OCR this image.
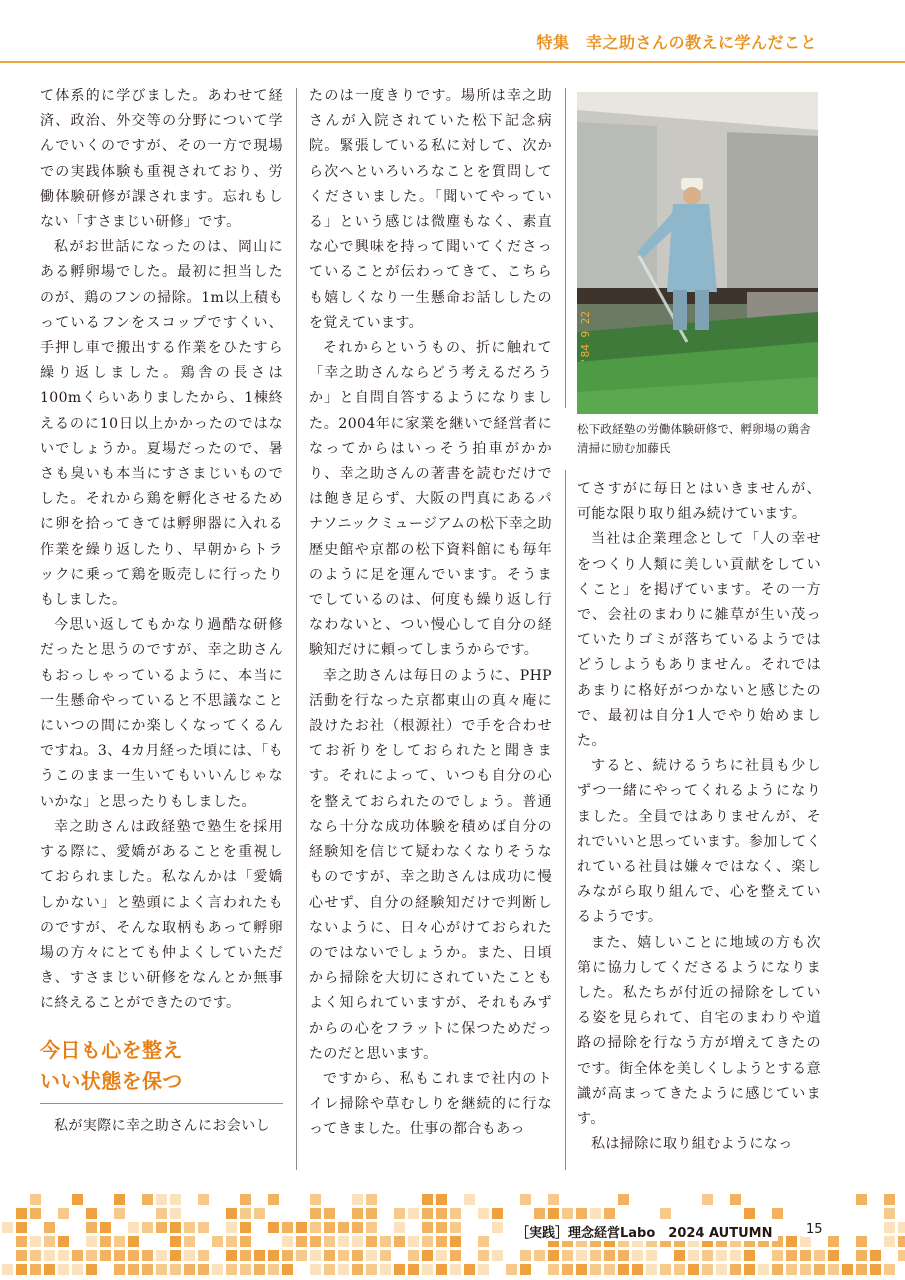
特集　幸之助さんの教えに学んだこと

て体系的に学びました。あわせて経済、政治、外交等の分野について学んでいくのですが、その一方で現場での実践体験も重視されており、労働体験研修が課されます。忘れもしない「すさまじい研修」です。

私がお世話になったのは、岡山にある孵卵場でした。最初に担当したのが、鶏のフンの掃除。1m以上積もっているフンをスコップですくい、手押し車で搬出する作業をひたすら繰り返しました。鶏舎の長さは100mくらいありましたから、1棟終えるのに10日以上かかったのではないでしょうか。夏場だったので、暑さも臭いも本当にすさまじいものでした。それから鶏を孵化させるために卵を拾ってきては孵卵器に入れる作業を繰り返したり、早朝からトラックに乗って鶏を販売しに行ったりもしました。

今思い返してもかなり過酷な研修だったと思うのですが、幸之助さんもおっしゃっているように、本当に一生懸命やっていると不思議なことにいつの間にか楽しくなってくるんですね。3、4カ月経った頃には、「もうこのまま一生いてもいいんじゃないかな」と思ったりもしました。

幸之助さんは政経塾で塾生を採用する際に、愛嬌があることを重視しておられました。私なんかは「愛嬌しかない」と塾頭によく言われたものですが、そんな取柄もあって孵卵場の方々にとても仲よくしていただき、すさまじい研修をなんとか無事に終えることができたのです。

今日も心を整え
いい状態を保つ

私が実際に幸之助さんにお会いし

たのは一度きりです。場所は幸之助さんが入院されていた松下記念病院。緊張している私に対して、次から次へといろいろなことを質問してくださいました。「聞いてやっている」という感じは微塵もなく、素直な心で興味を持って聞いてくださっていることが伝わってきて、こちらも嬉しくなり一生懸命お話ししたのを覚えています。

それからというもの、折に触れて「幸之助さんならどう考えるだろうか」と自問自答するようになりました。2004年に家業を継いで経営者になってからはいっそう拍車がかかり、幸之助さんの著書を読むだけでは飽き足らず、大阪の門真にあるパナソニックミュージアムの松下幸之助歴史館や京都の松下資料館にも毎年のように足を運んでいます。そうまでしているのは、何度も繰り返し行なわないと、つい慢心して自分の経験知だけに頼ってしまうからです。

幸之助さんは毎日のように、PHP活動を行なった京都東山の真々庵に設けたお社（根源社）で手を合わせてお祈りをしておられたと聞きます。それによって、いつも自分の心を整えておられたのでしょう。普通なら十分な成功体験を積めば自分の経験知を信じて疑わなくなりそうなものですが、幸之助さんは成功に慢心せず、自分の経験知だけで判断しないように、日々心がけておられたのではないでしょうか。また、日頃から掃除を大切にされていたこともよく知られていますが、それもみずからの心をフラットに保つためだったのだと思います。

ですから、私もこれまで社内のトイレ掃除や草むしりを継続的に行なってきました。仕事の都合もあっ

'84 9 22
松下政経塾の労働体験研修で、孵卵場の鶏舎清掃に励む加藤氏

てさすがに毎日とはいきませんが、可能な限り取り組み続けています。

当社は企業理念として「人の幸せをつくり人類に美しい貢献をしていくこと」を掲げています。その一方で、会社のまわりに雑草が生い茂っていたりゴミが落ちているようではどうしようもありません。それではあまりに格好がつかないと感じたので、最初は自分1人でやり始めました。

すると、続けるうちに社員も少しずつ一緒にやってくれるようになりました。全員ではありませんが、それでいいと思っています。参加してくれている社員は嫌々ではなく、楽しみながら取り組んで、心を整えているようです。

また、嬉しいことに地域の方も次第に協力してくださるようになりました。私たちが付近の掃除をしている姿を見られて、自宅のまわりや道路の掃除を行なう方が増えてきたのです。街全体を美しくしようとする意識が高まってきたように感じています。

私は掃除に取り組むようになっ

［実践］理念経営Labo　2024 AUTUMN	15
